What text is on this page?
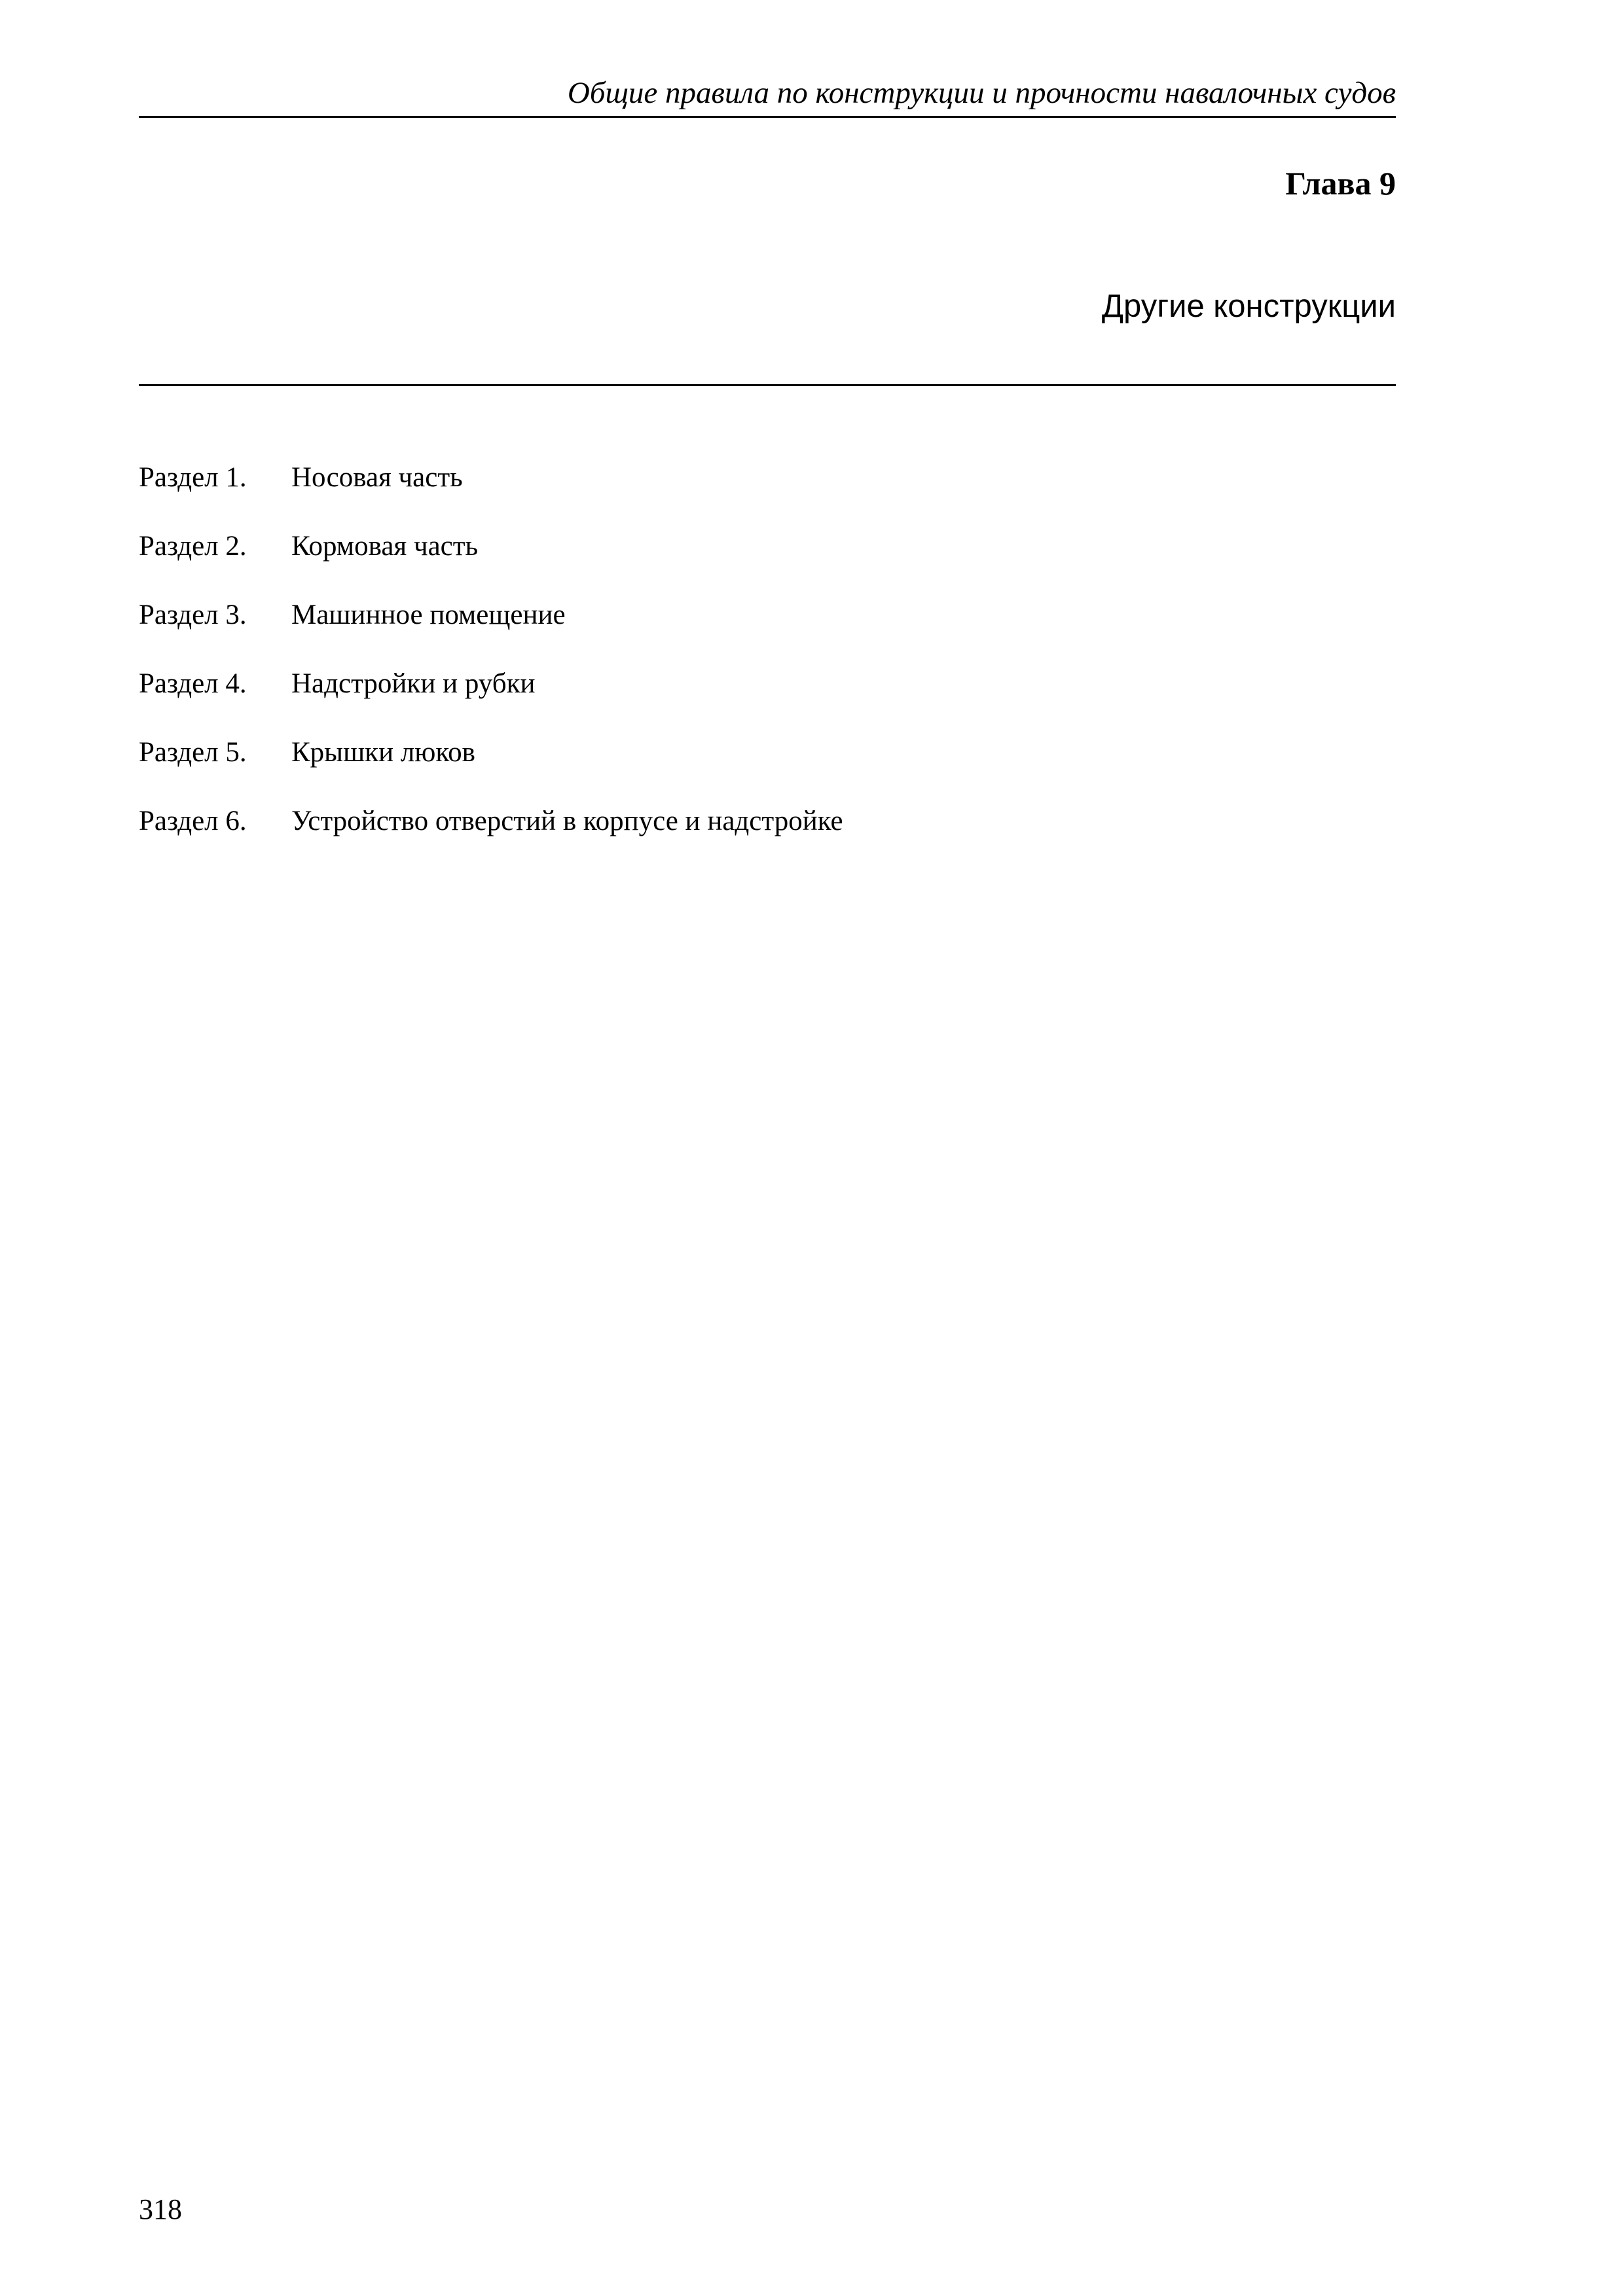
Общие правила по конструкции и прочности навалочных судов
Глава 9
Другие конструкции
Раздел 1. Носовая часть
Раздел 2. Кормовая часть
Раздел 3. Машинное помещение
Раздел 4. Надстройки и рубки
Раздел 5. Крышки люков
Раздел 6. Устройство отверстий в корпусе и надстройке
318
